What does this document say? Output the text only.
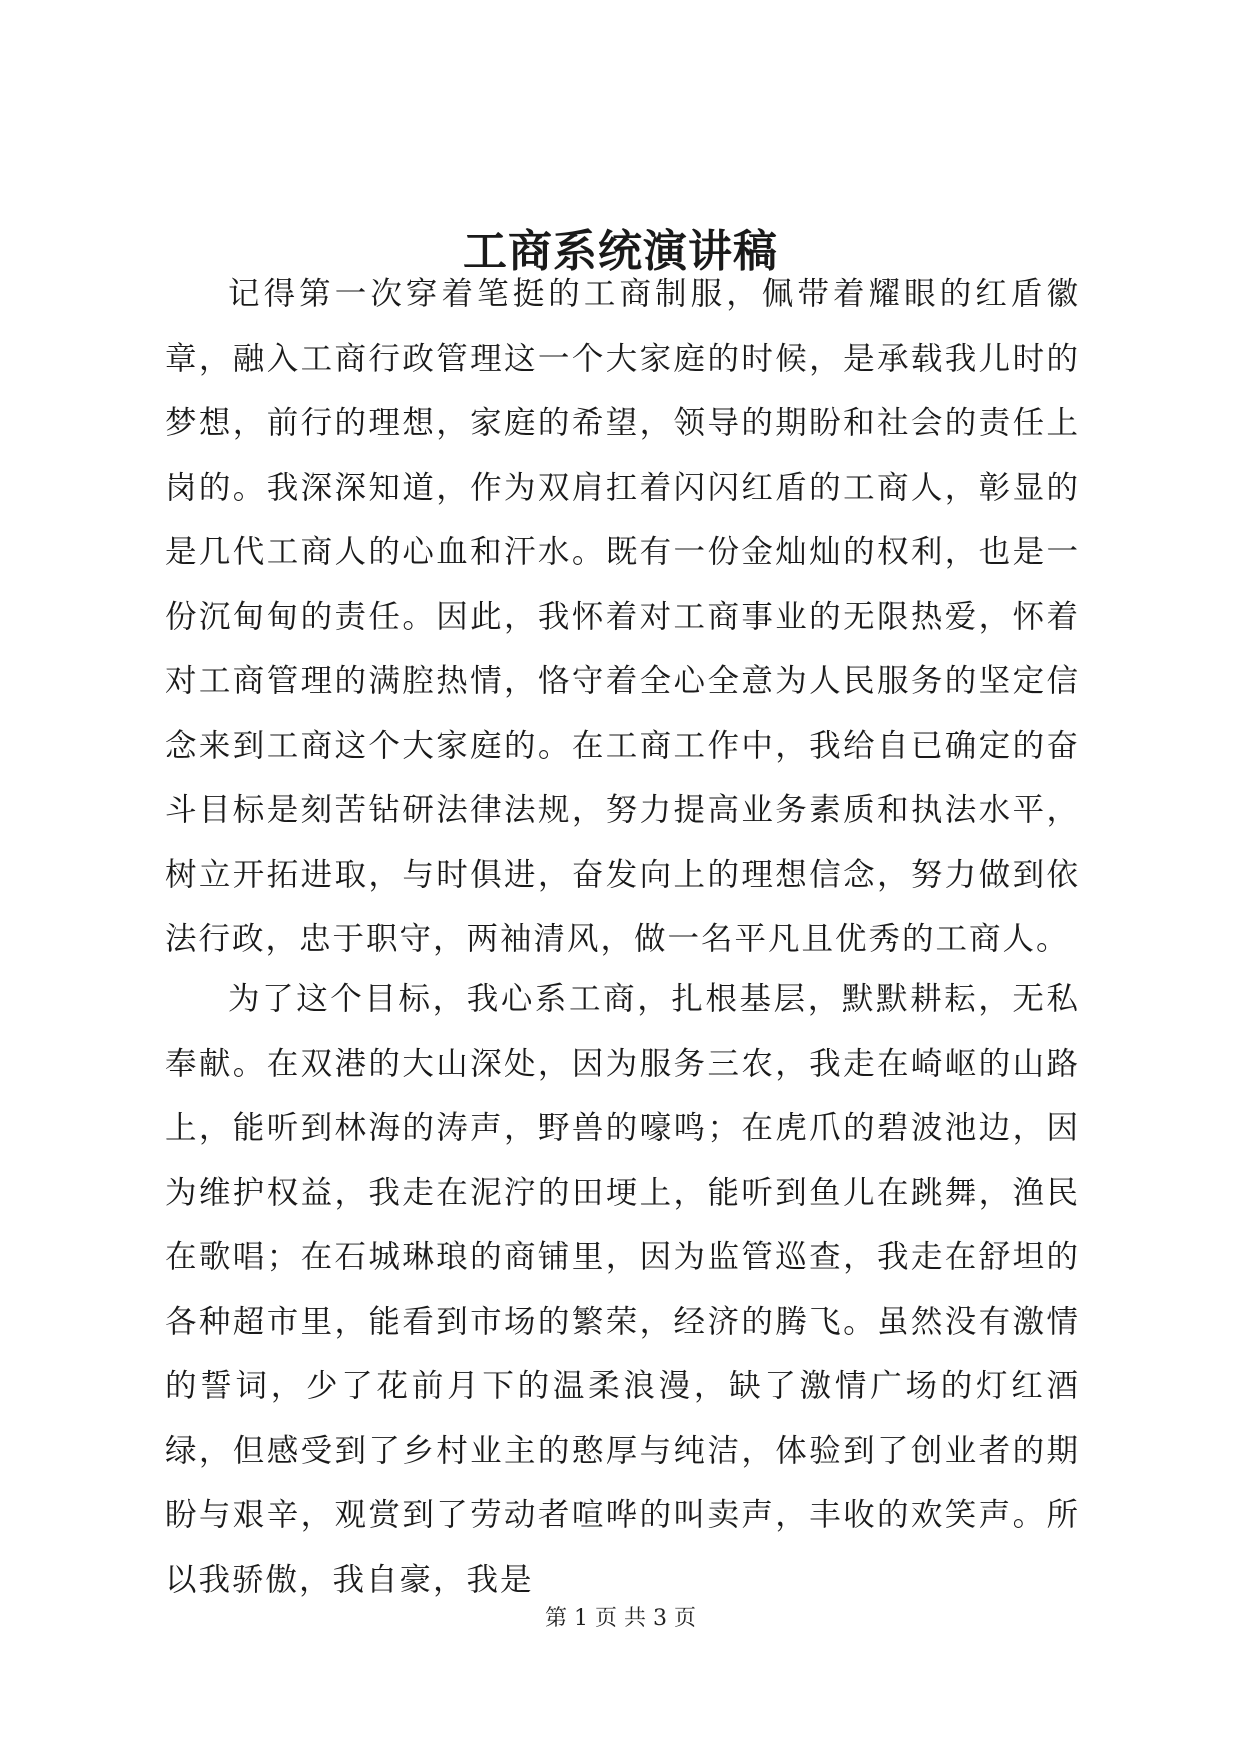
工商系统演讲稿

记得第一次穿着笔挺的工商制服，佩带着耀眼的红盾徽章，融入工商行政管理这一个大家庭的时候，是承载我儿时的梦想，前行的理想，家庭的希望，领导的期盼和社会的责任上岗的。我深深知道，作为双肩扛着闪闪红盾的工商人，彰显的是几代工商人的心血和汗水。既有一份金灿灿的权利，也是一份沉甸甸的责任。因此，我怀着对工商事业的无限热爱，怀着对工商管理的满腔热情，恪守着全心全意为人民服务的坚定信念来到工商这个大家庭的。在工商工作中，我给自已确定的奋斗目标是刻苦钻研法律法规，努力提高业务素质和执法水平，树立开拓进取，与时俱进，奋发向上的理想信念，努力做到依法行政，忠于职守，两袖清风，做一名平凡且优秀的工商人。

为了这个目标，我心系工商，扎根基层，默默耕耘，无私奉献。在双港的大山深处，因为服务三农，我走在崎岖的山路上，能听到林海的涛声，野兽的嚎鸣；在虎爪的碧波池边，因为维护权益，我走在泥泞的田埂上，能听到鱼儿在跳舞，渔民在歌唱；在石城琳琅的商铺里，因为监管巡查，我走在舒坦的各种超市里，能看到市场的繁荣，经济的腾飞。虽然没有激情的誓词，少了花前月下的温柔浪漫，缺了激情广场的灯红酒绿，但感受到了乡村业主的憨厚与纯洁，体验到了创业者的期盼与艰辛，观赏到了劳动者喧哗的叫卖声，丰收的欢笑声。所以我骄傲，我自豪，我是

第 1 页 共 3 页
